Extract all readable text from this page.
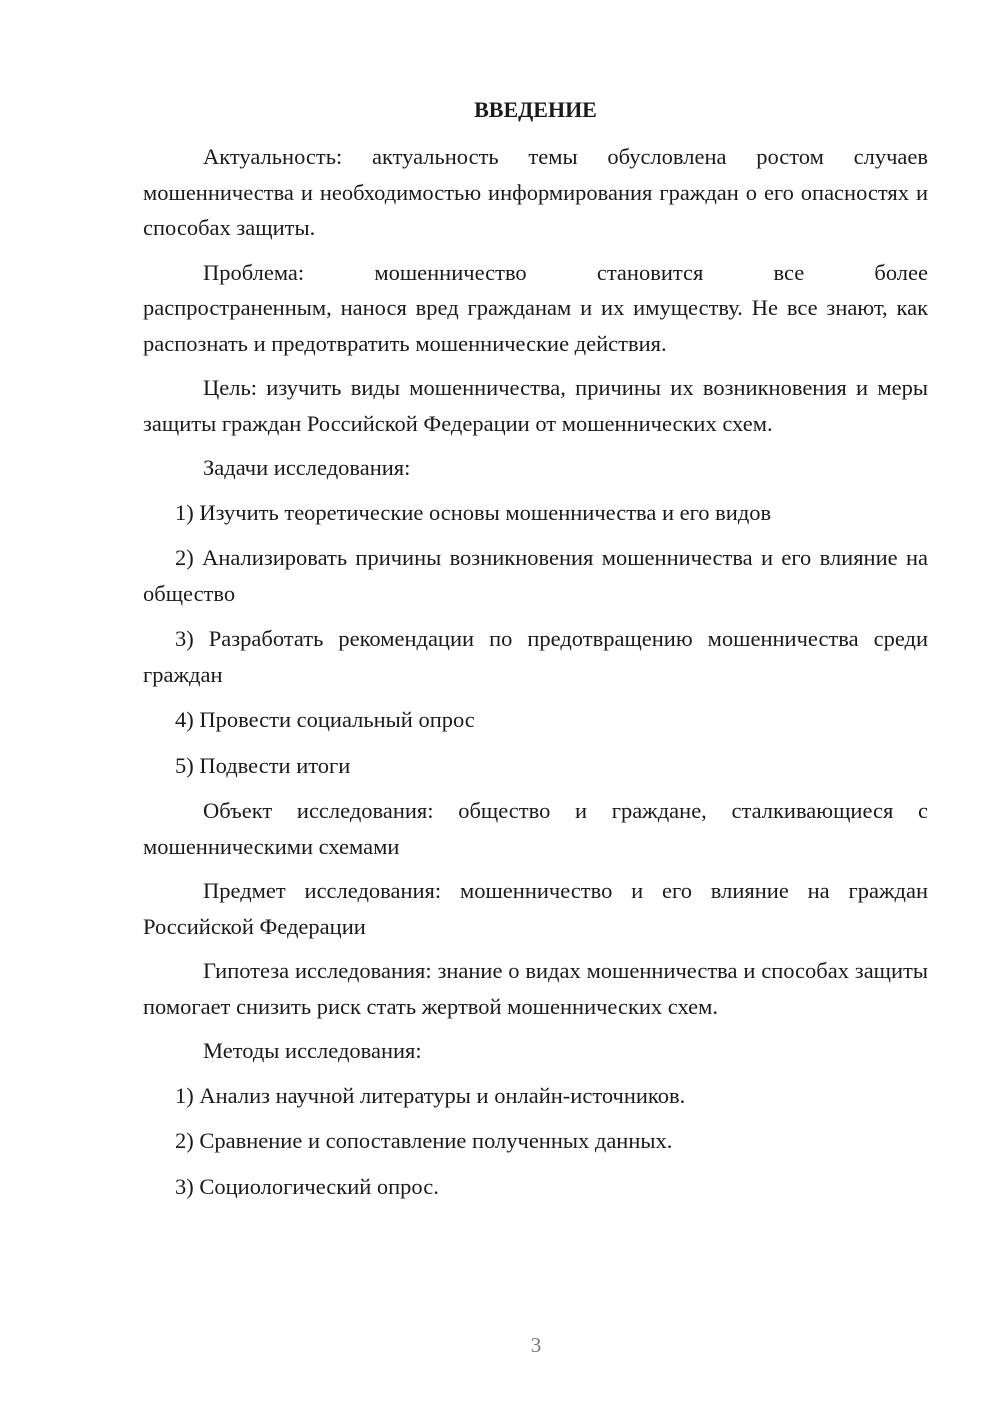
ВВЕДЕНИЕ

Актуальность: актуальность темы обусловлена ростом случаев мошенничества и необходимостью информирования граждан о его опасностях и способах защиты.

Проблема:	мошенничество	становится	все	более
распространенным, нанося вред гражданам и их имуществу. Не все знают, как распознать и предотвратить мошеннические действия.

Цель: изучить виды мошенничества, причины их возникновения и меры защиты граждан Российской Федерации от мошеннических схем.

Задачи исследования:

1) Изучить теоретические основы мошенничества и его видов

2) Анализировать причины возникновения мошенничества и его влияние на общество

3) Разработать рекомендации по предотвращению мошенничества среди граждан

4) Провести социальный опрос

5) Подвести итоги

Объект исследования: общество и граждане, сталкивающиеся с мошенническими схемами

Предмет исследования: мошенничество и его влияние на граждан Российской Федерации

Гипотеза исследования: знание о видах мошенничества и способах защиты помогает снизить риск стать жертвой мошеннических схем.

Методы исследования:

1) Анализ научной литературы и онлайн-источников.

2) Сравнение и сопоставление полученных данных.

3) Социологический опрос.

3
